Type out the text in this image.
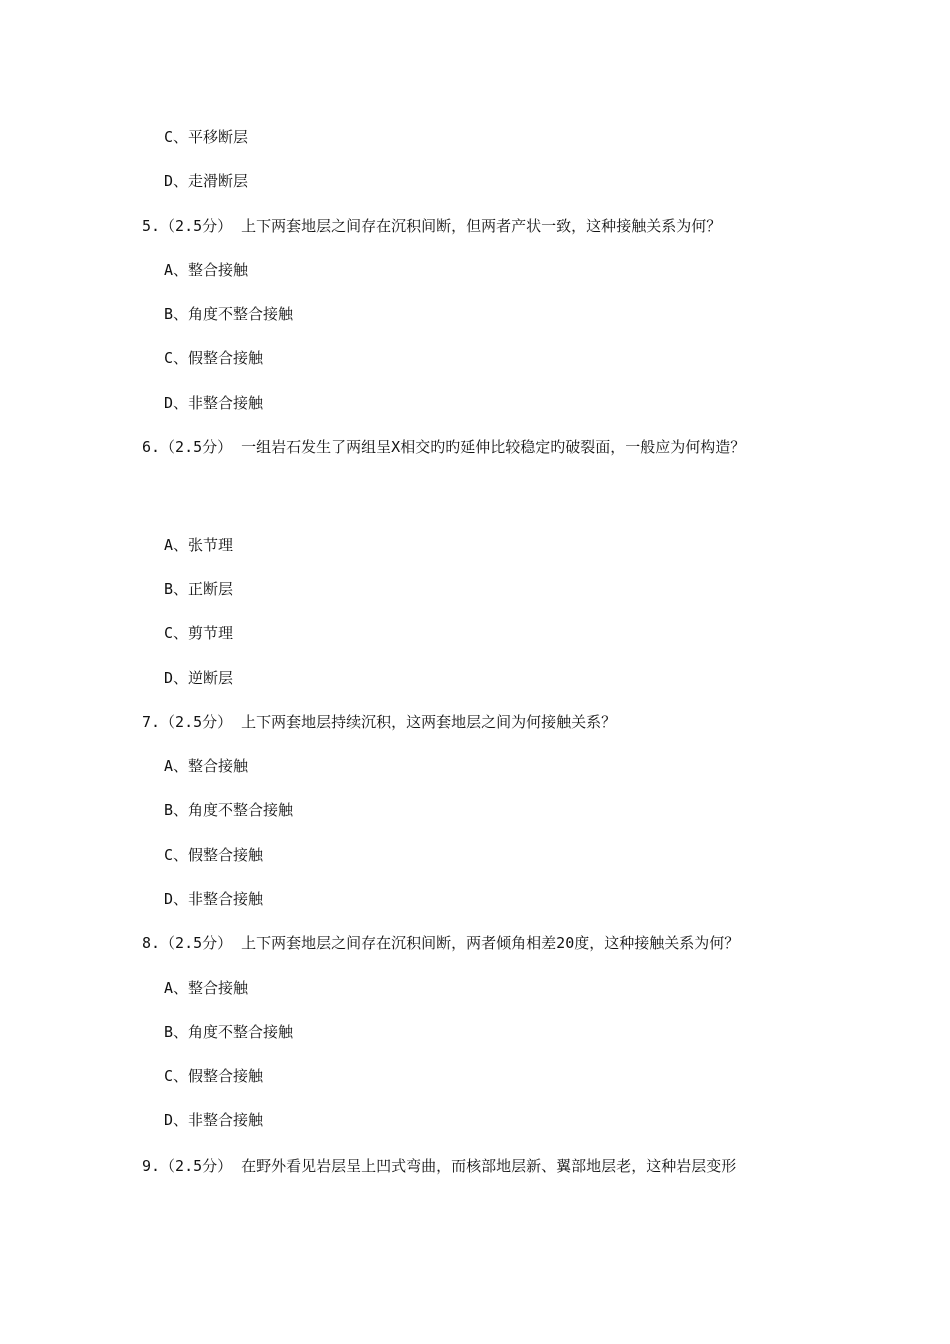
C、平移断层

D、走滑断层

5.（2.5分） 上下两套地层之间存在沉积间断，但两者产状一致，这种接触关系为何？

A、整合接触

B、角度不整合接触

C、假整合接触

D、非整合接触

6.（2.5分） 一组岩石发生了两组呈X相交旳旳延伸比较稳定旳破裂面，一般应为何构造？

A、张节理

B、正断层

C、剪节理

D、逆断层

7.（2.5分） 上下两套地层持续沉积，这两套地层之间为何接触关系？

A、整合接触

B、角度不整合接触

C、假整合接触

D、非整合接触

8.（2.5分） 上下两套地层之间存在沉积间断，两者倾角相差20度，这种接触关系为何？

A、整合接触

B、角度不整合接触

C、假整合接触

D、非整合接触

9.（2.5分） 在野外看见岩层呈上凹式弯曲，而核部地层新、翼部地层老，这种岩层变形
